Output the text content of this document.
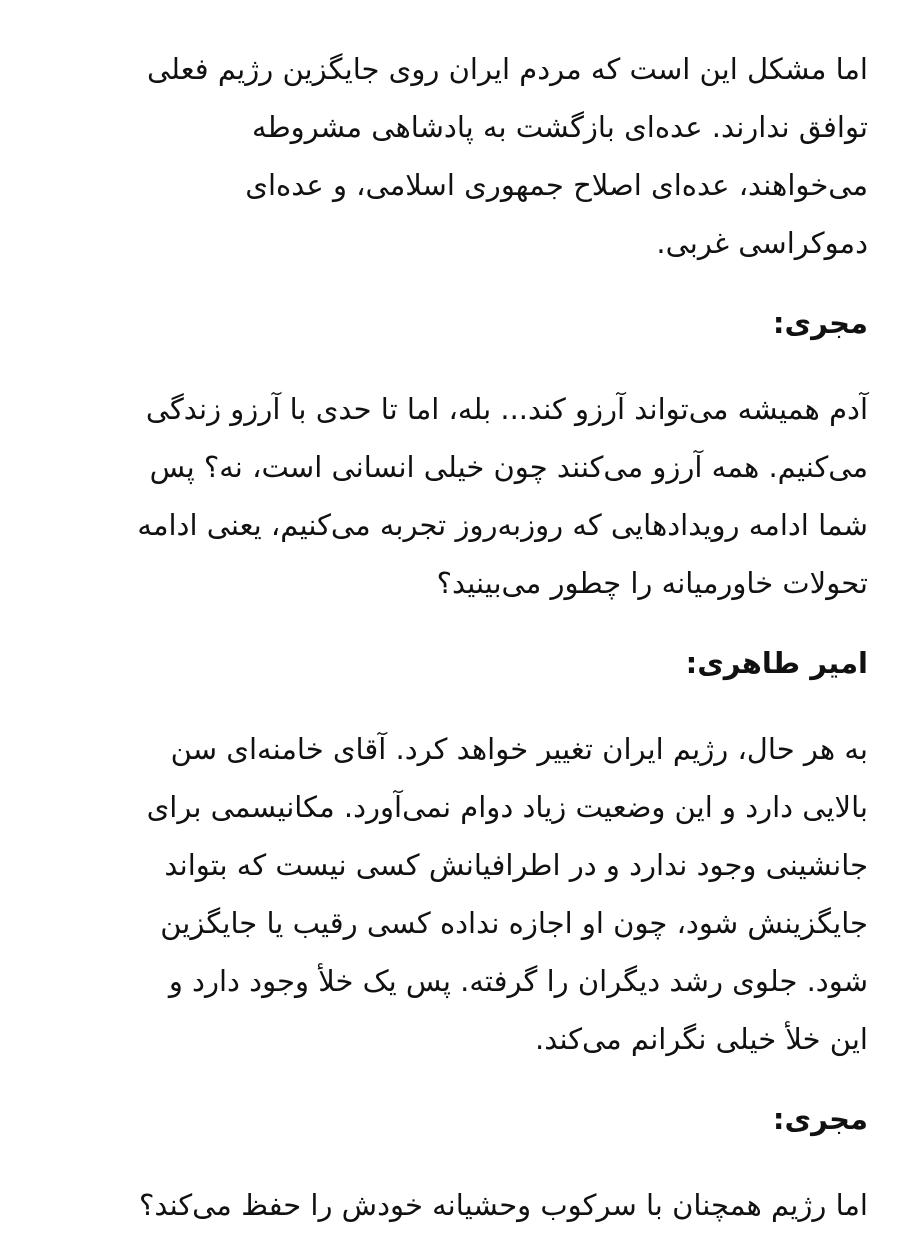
اما مشکل این است که مردم ایران روی جایگزین رژیم فعلی
توافق ندارند. عده‌ای بازگشت به پادشاهی مشروطه
می‌خواهند، عده‌ای اصلاح جمهوری اسلامی، و عده‌ای
دموکراسی غربی.

مجری:

آدم همیشه می‌تواند آرزو کند... بله، اما تا حدی با آرزو زندگی
می‌کنیم. همه آرزو می‌کنند چون خیلی انسانی است، نه؟ پس
شما ادامه رویدادهایی که روزبه‌روز تجربه می‌کنیم، یعنی ادامه
تحولات خاورمیانه را چطور می‌بینید؟

امیر طاهری:

به هر حال، رژیم ایران تغییر خواهد کرد. آقای خامنه‌ای سن
بالایی دارد و این وضعیت زیاد دوام نمی‌آورد. مکانیسمی برای
جانشینی وجود ندارد و در اطرافیانش کسی نیست که بتواند
جایگزینش شود، چون او اجازه نداده کسی رقیب یا جایگزین
شود. جلوی رشد دیگران را گرفته. پس یک خلأ وجود دارد و
این خلأ خیلی نگرانم می‌کند.

مجری:

اما رژیم همچنان با سرکوب وحشیانه خودش را حفظ می‌کند؟
